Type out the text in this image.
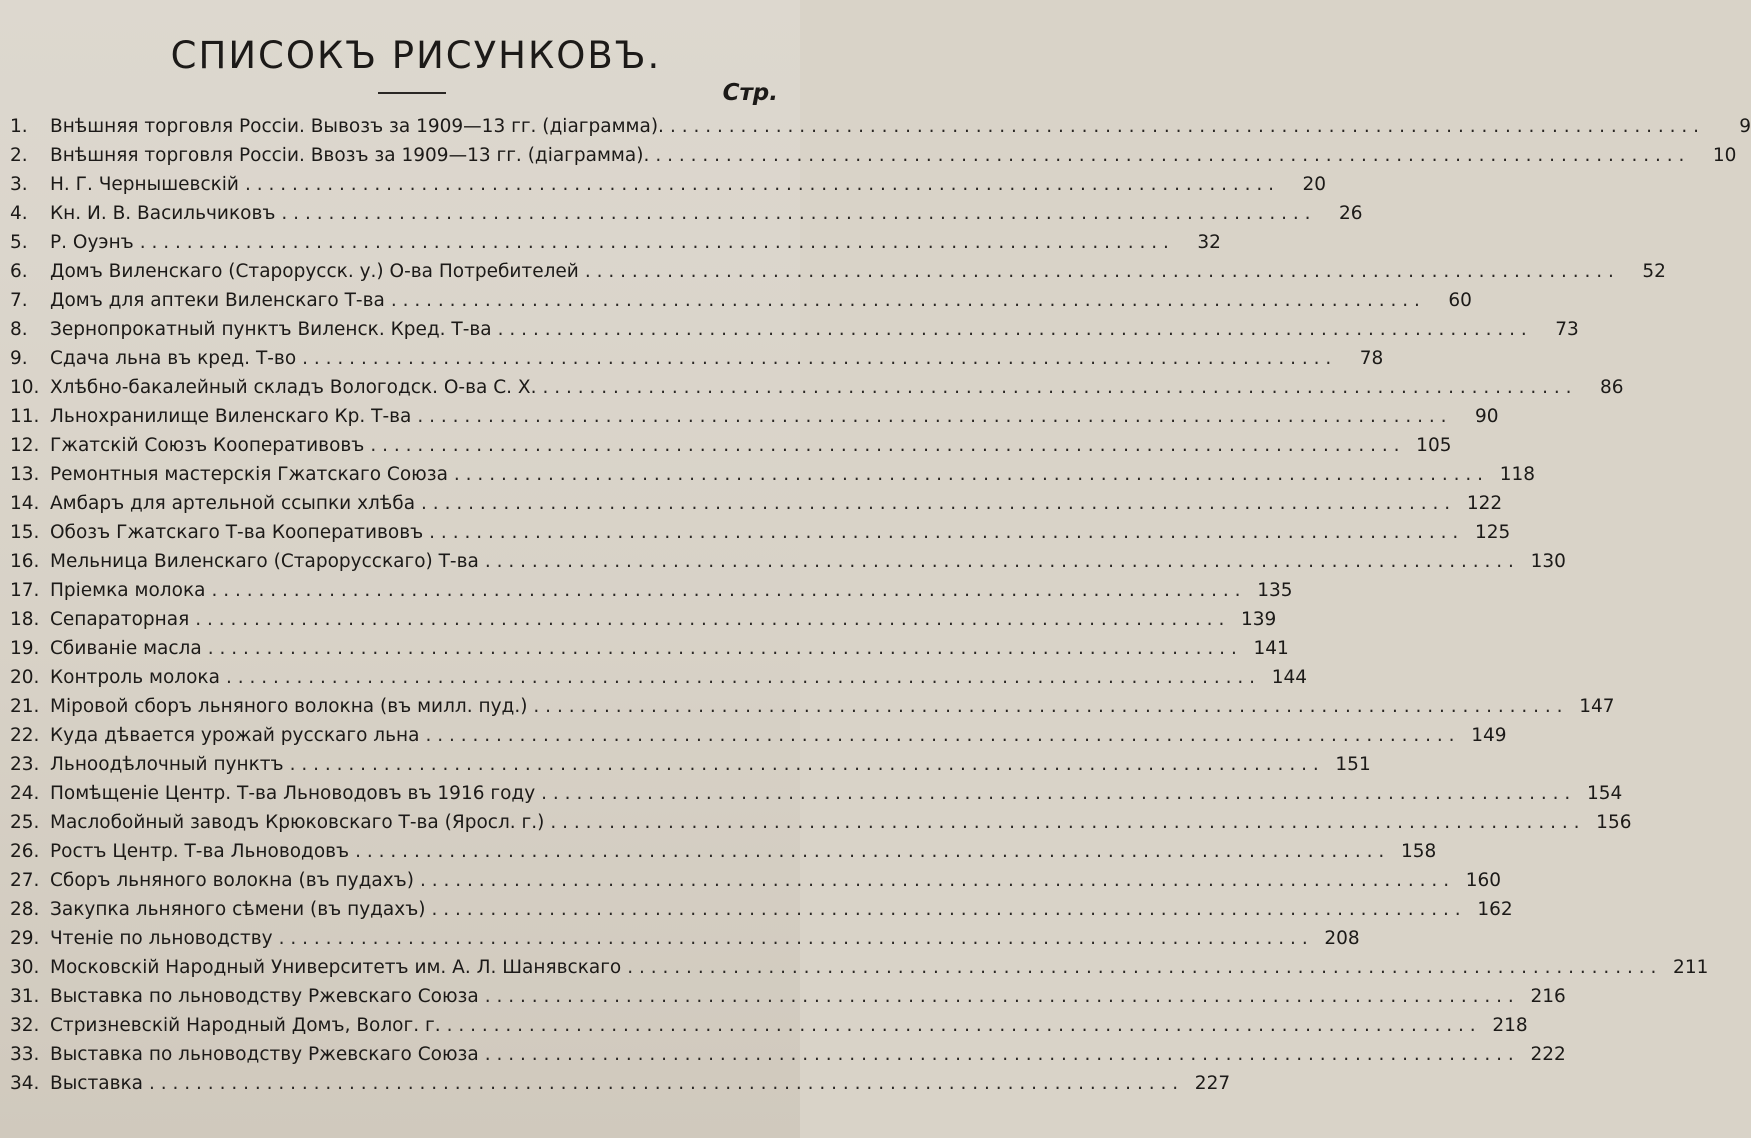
СПИСОКЪ РИСУНКОВЪ.
Стр.
1.	Внѣшняя торговля Россіи. Вывозъ за 1909—13 гг. (діаграмма). . . .	9
2.	Внѣшняя торговля Россіи. Ввозъ за 1909—13 гг. (діаграмма). . . .	10
3.	Н. Г. Чернышевскій . . .	20
4.	Кн. И. В. Васильчиковъ . . .	26
5.	Р. Оуэнъ . . .	32
6.	Домъ Виленскаго (Старорусск. у.) О-ва Потребителей . . .	52
7.	Домъ для аптеки Виленскаго Т-ва . . .	60
8.	Зернопрокатный пунктъ Виленск. Кред. Т-ва . . .	73
9.	Сдача льна въ кред. Т-во . . .	78
10. Хлѣбно-бакалейный складъ Вологодск. О-ва С. Х. . . .	86
11. Льнохранилище Виленскаго Кр. Т-ва . . .	90
12. Гжатскій Союзъ Кооперативовъ . . .	105
13. Ремонтныя мастерскія Гжатскаго Союза . . .	118
14. Амбаръ для артельной ссыпки хлѣба . . .	122
15. Обозъ Гжатскаго Т-ва Кооперативовъ . . .	125
16. Мельница Виленскаго (Старорусскаго) Т-ва . . .	130
17. Пріемка молока . . .	135
18. Сепараторная . . .	139
19. Сбиваніе масла . . .	141
20. Контроль молока . . .	144
21. Міровой сборъ льняного волокна (въ милл. пуд.) . . .	147
22. Куда дѣвается урожай русскаго льна . . .	149
23. Льноодѣлочный пунктъ . . .	151
24. Помѣщеніе Центр. Т-ва Льноводовъ въ 1916 году . . .	154
25. Маслобойный заводъ Крюковскаго Т-ва (Яросл. г.) . . .	156
26. Ростъ Центр. Т-ва Льноводовъ . . .	158
27. Сборъ льняного волокна (въ пудахъ) . . .	160
28. Закупка льняного сѣмени (въ пудахъ) . . .	162
29. Чтеніе по льноводству . . .	208
30. Московскій Народный Университетъ им. А. Л. Шанявскаго . . .	211
31. Выставка по льноводству Ржевскаго Союза . . .	216
32. Стризневскій Народный Домъ, Волог. г. . . .	218
33. Выставка по льноводству Ржевскаго Союза . . .	222
34. Выставка . . .	227
